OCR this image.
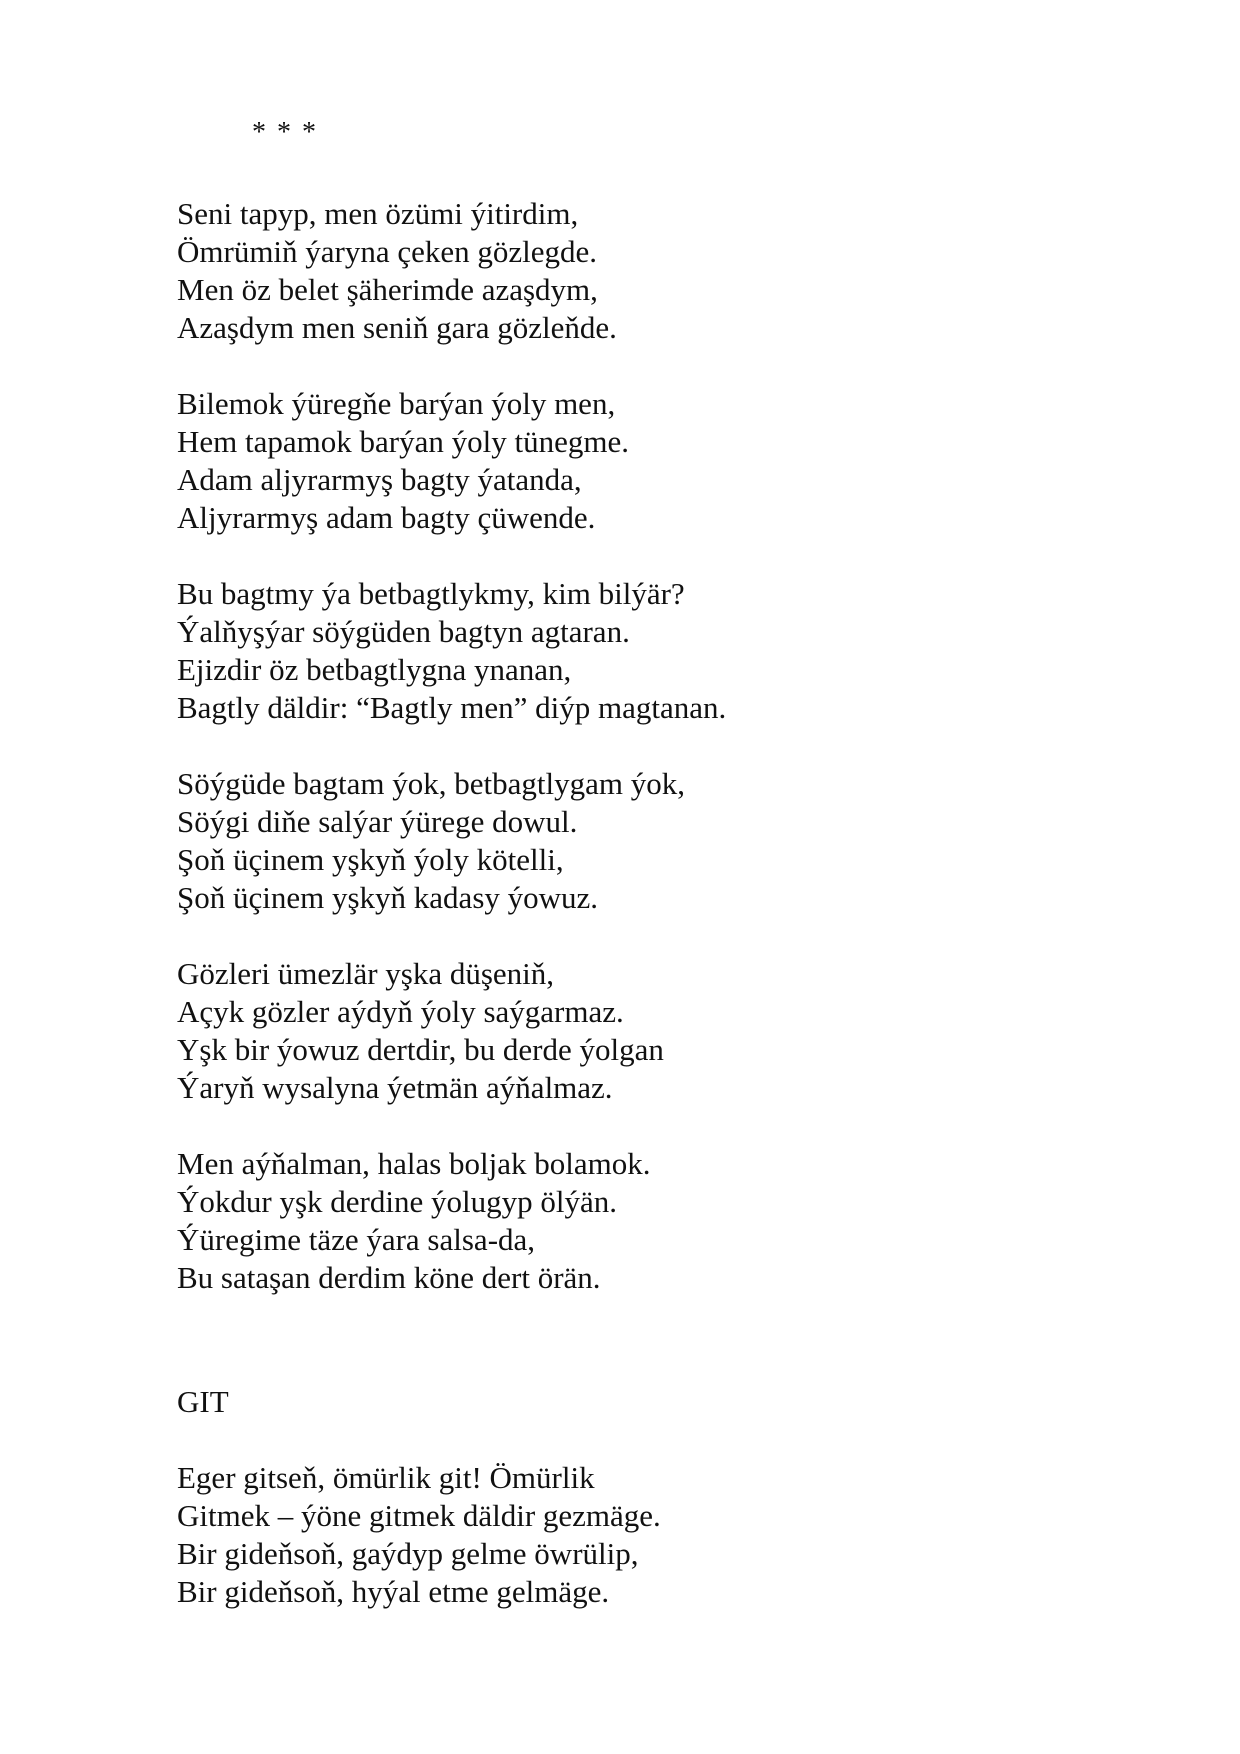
* * *

Seni tapyp, men özümi ýitirdim,
Ömrümiň ýaryna çeken gözlegde.
Men öz belet şäherimde azaşdym,
Azaşdym men seniň gara gözleňde.
Bilemok ýüregňe barýan ýoly men,
Hem tapamok barýan ýoly tünegme.
Adam aljyrarmyş bagty ýatanda,
Aljyrarmyş adam bagty çüwende.
Bu bagtmy ýa betbagtlykmy, kim bilýär?
Ýalňyşýar söýgüden bagtyn agtaran.
Ejizdir öz betbagtlygna ynanan,
Bagtly däldir: “Bagtly men” diýp magtanan.
Söýgüde bagtam ýok, betbagtlygam ýok,
Söýgi diňe salýar ýürege dowul.
Şoň üçinem yşkyň ýoly kötelli,
Şoň üçinem yşkyň kadasy ýowuz.
Gözleri ümezlär yşka düşeniň,
Açyk gözler aýdyň ýoly saýgarmaz.
Yşk bir ýowuz dertdir, bu derde ýolgan
Ýaryň wysalyna ýetmän aýňalmaz.
Men aýňalman, halas boljak bolamok.
Ýokdur yşk derdine ýolugyp ölýän.
Ýüregime täze ýara salsa-da,
Bu sataşan derdim köne dert örän.
GIT
Eger gitseň, ömürlik git! Ömürlik
Gitmek – ýöne gitmek däldir gezmäge.
Bir gideňsoň, gaýdyp gelme öwrülip,
Bir gideňsoň, hyýal etme gelmäge.
